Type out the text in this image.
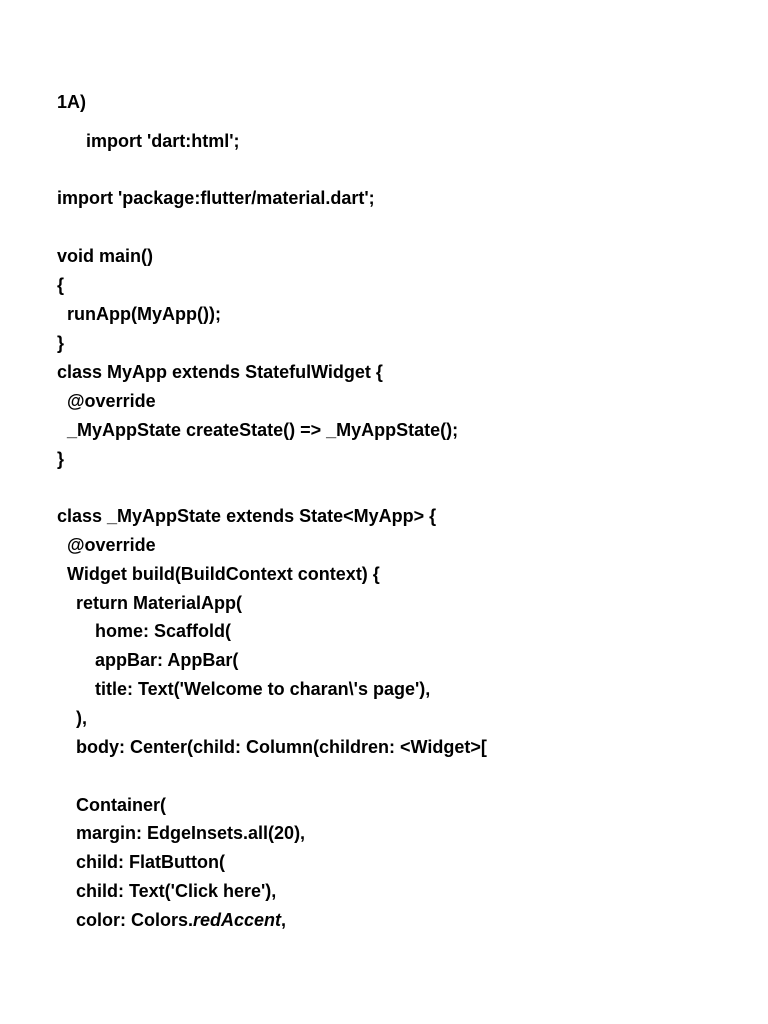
1A)
import 'dart:html';
import 'package:flutter/material.dart';
void main()
{
runApp(MyApp());
}
class MyApp extends StatefulWidget {
@override
_MyAppState createState() => _MyAppState();
}
class _MyAppState extends State<MyApp> {
@override
Widget build(BuildContext context) {
return MaterialApp(
home: Scaffold(
appBar: AppBar(
title: Text('Welcome to charan\'s page'),
),
body: Center(child: Column(children: <Widget>[
Container(
margin: EdgeInsets.all(20),
child: FlatButton(
child: Text('Click here'),
color: Colors.redAccent,
